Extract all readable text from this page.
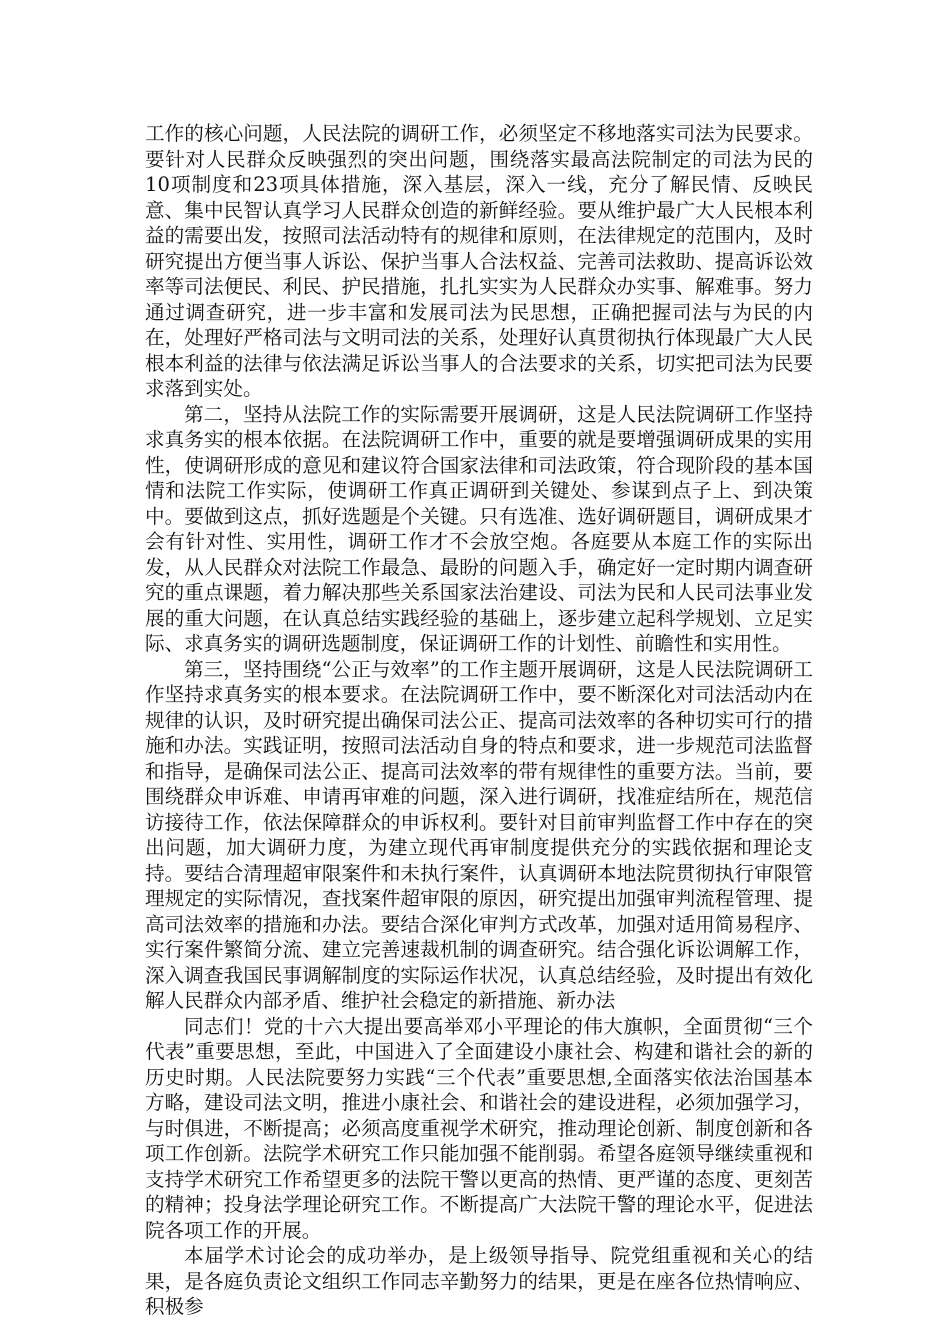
工作的核心问题，人民法院的调研工作，必须坚定不移地落实司法为民要求。要针对人民群众反映强烈的突出问题，围绕落实最高法院制定的司法为民的10项制度和23项具体措施，深入基层，深入一线，充分了解民情、反映民意、集中民智认真学习人民群众创造的新鲜经验。要从维护最广大人民根本利益的需要出发，按照司法活动特有的规律和原则，在法律规定的范围内，及时研究提出方便当事人诉讼、保护当事人合法权益、完善司法救助、提高诉讼效率等司法便民、利民、护民措施，扎扎实实为人民群众办实事、解难事。努力通过调查研究，进一步丰富和发展司法为民思想，正确把握司法与为民的内在，处理好严格司法与文明司法的关系，处理好认真贯彻执行体现最广大人民根本利益的法律与依法满足诉讼当事人的合法要求的关系，切实把司法为民要求落到实处。

第二，坚持从法院工作的实际需要开展调研，这是人民法院调研工作坚持求真务实的根本依据。在法院调研工作中，重要的就是要增强调研成果的实用性，使调研形成的意见和建议符合国家法律和司法政策，符合现阶段的基本国情和法院工作实际，使调研工作真正调研到关键处、参谋到点子上、到决策中。要做到这点，抓好选题是个关键。只有选准、选好调研题目，调研成果才会有针对性、实用性，调研工作才不会放空炮。各庭要从本庭工作的实际出发，从人民群众对法院工作最急、最盼的问题入手，确定好一定时期内调查研究的重点课题，着力解决那些关系国家法治建设、司法为民和人民司法事业发展的重大问题，在认真总结实践经验的基础上，逐步建立起科学规划、立足实际、求真务实的调研选题制度，保证调研工作的计划性、前瞻性和实用性。

第三，坚持围绕“公正与效率”的工作主题开展调研，这是人民法院调研工作坚持求真务实的根本要求。在法院调研工作中，要不断深化对司法活动内在规律的认识，及时研究提出确保司法公正、提高司法效率的各种切实可行的措施和办法。实践证明，按照司法活动自身的特点和要求，进一步规范司法监督和指导，是确保司法公正、提高司法效率的带有规律性的重要方法。当前，要围绕群众申诉难、申请再审难的问题，深入进行调研，找准症结所在，规范信访接待工作，依法保障群众的申诉权利。要针对目前审判监督工作中存在的突出问题，加大调研力度，为建立现代再审制度提供充分的实践依据和理论支持。要结合清理超审限案件和未执行案件，认真调研本地法院贯彻执行审限管理规定的实际情况，查找案件超审限的原因，研究提出加强审判流程管理、提高司法效率的措施和办法。要结合深化审判方式改革，加强对适用简易程序、实行案件繁简分流、建立完善速裁机制的调查研究。结合强化诉讼调解工作，深入调查我国民事调解制度的实际运作状况，认真总结经验，及时提出有效化解人民群众内部矛盾、维护社会稳定的新措施、新办法

同志们！党的十六大提出要高举邓小平理论的伟大旗帜，全面贯彻“三个代表”重要思想，至此，中国进入了全面建设小康社会、构建和谐社会的新的历史时期。人民法院要努力实践“三个代表”重要思想,全面落实依法治国基本方略，建设司法文明，推进小康社会、和谐社会的建设进程，必须加强学习，与时俱进，不断提高；必须高度重视学术研究，推动理论创新、制度创新和各项工作创新。法院学术研究工作只能加强不能削弱。希望各庭领导继续重视和支持学术研究工作希望更多的法院干警以更高的热情、更严谨的态度、更刻苦的精神；投身法学理论研究工作。不断提高广大法院干警的理论水平，促进法院各项工作的开展。

本届学术讨论会的成功举办，是上级领导指导、院党组重视和关心的结果，是各庭负责论文组织工作同志辛勤努力的结果，更是在座各位热情响应、积极参
